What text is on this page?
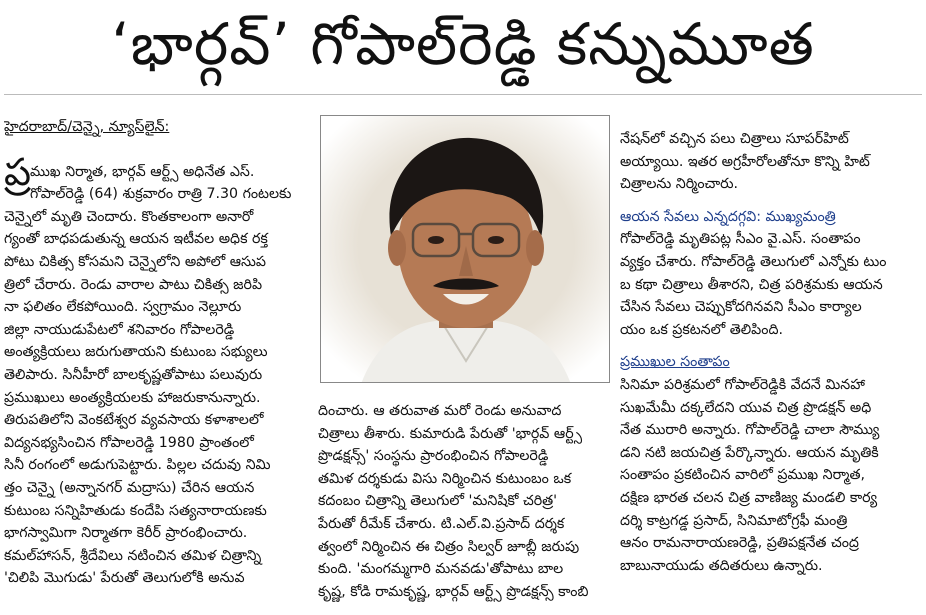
‘భార్గవ్’ గోపాల్‌రెడ్డి కన్నుమూత
ప్ర

హైదరాబాద్/చెన్నై, న్యూస్‌లైన్:

ముఖ నిర్మాత, భార్గవ్ ఆర్ట్స్ అధినేత ఎస్.

గోపాల్‌రెడ్డి (64) శుక్రవారం రాత్రి 7.30 గంటలకు

చెన్నైలో మృతి చెందారు. కొంతకాలంగా అనారో

గ్యంతో బాధపడుతున్న ఆయన ఇటీవల అధిక రక్త

పోటు చికిత్స కోసమని చెన్నైలోని అపోలో ఆసుప

త్రిలో చేరారు. రెండు వారాల పాటు చికిత్స జరిపి

నా ఫలితం లేకపోయింది. స్వగ్రామం నెల్లూరు

జిల్లా నాయుడుపేటలో శనివారం గోపాలరెడ్డి

అంత్యక్రియలు జరుగుతాయని కుటుంబ సభ్యులు

తెలిపారు. సినీహీరో బాలకృష్ణతోపాటు పలువురు

ప్రముఖులు అంత్యక్రియలకు హాజరుకానున్నారు.

తిరుపతిలోని వెంకటేశ్వర వ్యవసాయ కళాశాలలో

విద్యనభ్యసించిన గోపాలరెడ్డి 1980 ప్రాంతంలో

సినీ రంగంలో అడుగుపెట్టారు. పిల్లల చదువు నిమి

త్తం చెన్నై (అన్నానగర్ మద్రాసు) చేరిన ఆయన

కుటుంబ సన్నిహితుడు కందేపి సత్యనారాయణకు

భాగస్వామిగా నిర్మాతగా కెరీర్ ప్రారంభించారు.

కమల్‌హాసన్, శ్రీదేవిలు నటించిన తమిళ చిత్రాన్ని

'చిలిపి మొగుడు' పేరుతో తెలుగులోకి అనువ

దించారు. ఆ తరువాత మరో రెండు అనువాద

చిత్రాలు తీశారు. కుమారుడి పేరుతో 'భార్గవ్ ఆర్ట్స్

ప్రొడక్షన్స్' సంస్థను ప్రారంభించిన గోపాలరెడ్డి

తమిళ దర్శకుడు విసు నిర్మించిన కుటుంబం ఒక

కదంబం చిత్రాన్ని తెలుగులో 'మనిషికో చరిత్ర'

పేరుతో రీమేక్ చేశారు. టి.ఎల్.వి.ప్రసాద్ దర్శక

త్వంలో నిర్మించిన ఈ చిత్రం సిల్వర్ జూబ్లీ జరుపు

కుంది. 'మంగమ్మగారి మనవడు'తోపాటు బాల

కృష్ణ, కోడి రామకృష్ణ, భార్గవ్ ఆర్ట్స్ ప్రొడక్షన్స్ కాంబి

నేషన్‌లో వచ్చిన పలు చిత్రాలు సూపర్‌హిట్

అయ్యాయి. ఇతర అగ్రహీరోలతోనూ కొన్ని హిట్

చిత్రాలను నిర్మించారు.

ఆయన సేవలు ఎన్నదగ్గవి: ముఖ్యమంత్రి

గోపాల్‌రెడ్డి మృతిపట్ల సీఎం వై.ఎస్. సంతాపం

వ్యక్తం చేశారు. గోపాల్‌రెడ్డి తెలుగులో ఎన్నోకు టుం

బ కథా చిత్రాలు తీశారని, చిత్ర పరిశ్రమకు ఆయన

చేసిన సేవలు చెప్పుకోదగినవని సీఎం కార్యాల

యం ఒక ప్రకటనలో తెలిపింది.

ప్రముఖుల సంతాపం

సినిమా పరిశ్రమలో గోపాల్‌రెడ్డికి వేదనే మినహా

సుఖమేమీ దక్కలేదని యువ చిత్ర ప్రొడక్షన్ అధి

నేత మురారి అన్నారు. గోపాల్‌రెడ్డి చాలా సౌమ్యు

డని నటి జయచిత్ర పేర్కొన్నారు. ఆయన మృతికి

సంతాపం ప్రకటించిన వారిలో ప్రముఖ నిర్మాత,

దక్షిణ భారత చలన చిత్ర వాణిజ్య మండలి కార్య

దర్శి కాట్రగడ్డ ప్రసాద్, సినిమాటోగ్రఫీ మంత్రి

ఆనం రామనారాయణరెడ్డి, ప్రతిపక్షనేత చంద్ర

బాబునాయుడు తదితరులు ఉన్నారు.
